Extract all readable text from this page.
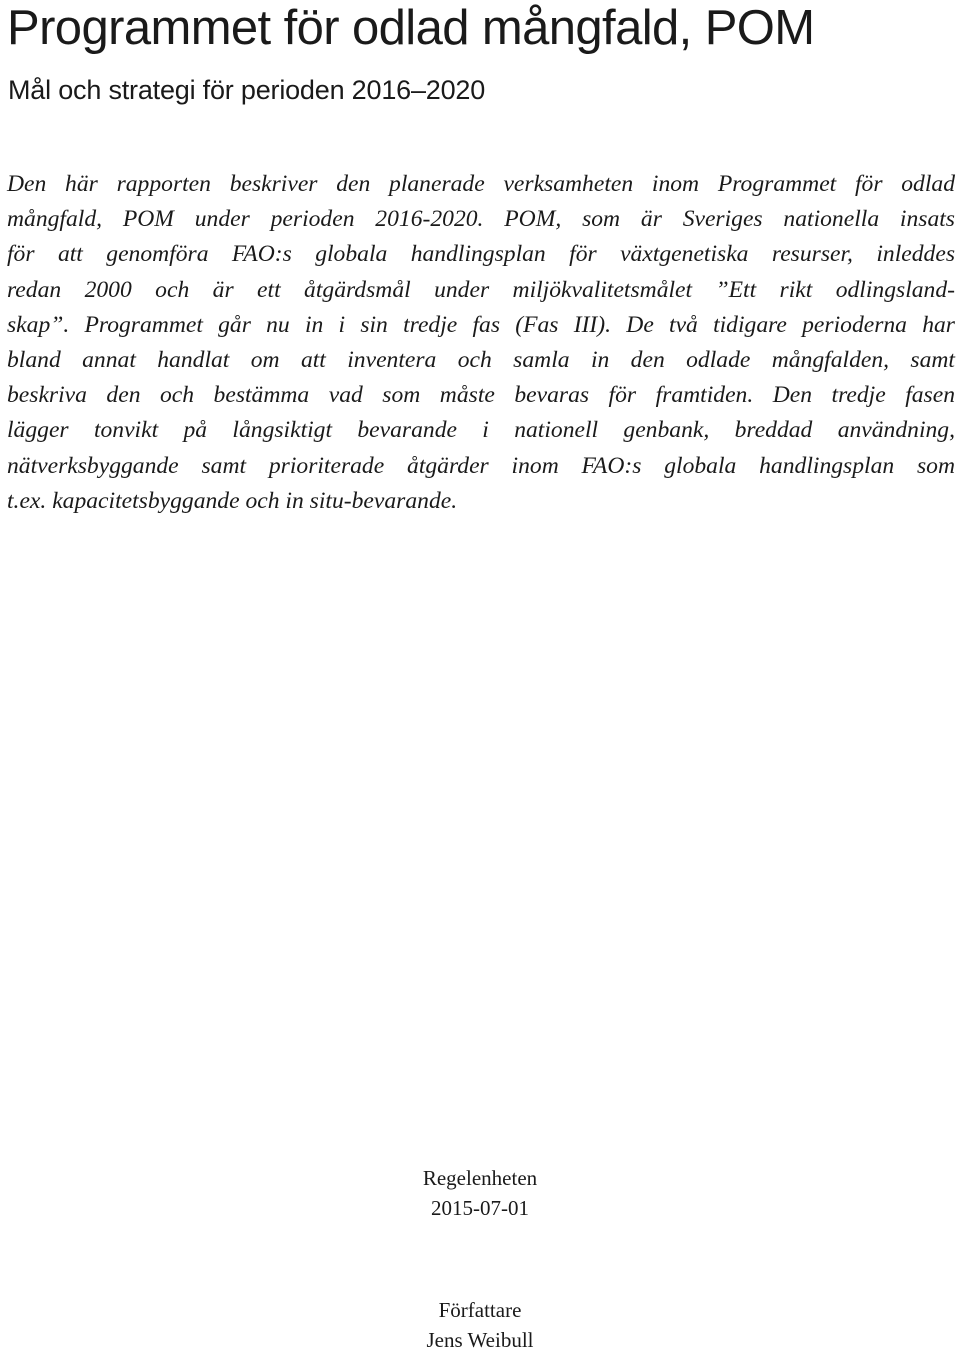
Programmet för odlad mångfald, POM
Mål och strategi för perioden 2016–2020
Den här rapporten beskriver den planerade verksamheten inom Programmet för odlad
mångfald, POM under perioden 2016-2020. POM, som är Sveriges nationella insats
för att genomföra FAO:s globala handlingsplan för växtgenetiska resurser, inleddes
redan 2000 och är ett åtgärdsmål under miljökvalitetsmålet ”Ett rikt odlingsland-
skap”. Programmet går nu in i sin tredje fas (Fas III). De två tidigare perioderna har
bland annat handlat om att inventera och samla in den odlade mångfalden, samt
beskriva den och bestämma vad som måste bevaras för framtiden. Den tredje fasen
lägger tonvikt på långsiktigt bevarande i nationell genbank, breddad användning,
nätverksbyggande samt prioriterade åtgärder inom FAO:s globala handlingsplan som
t.ex. kapacitetsbyggande och in situ-bevarande.
Regelenheten
2015-07-01
Författare
Jens Weibull
